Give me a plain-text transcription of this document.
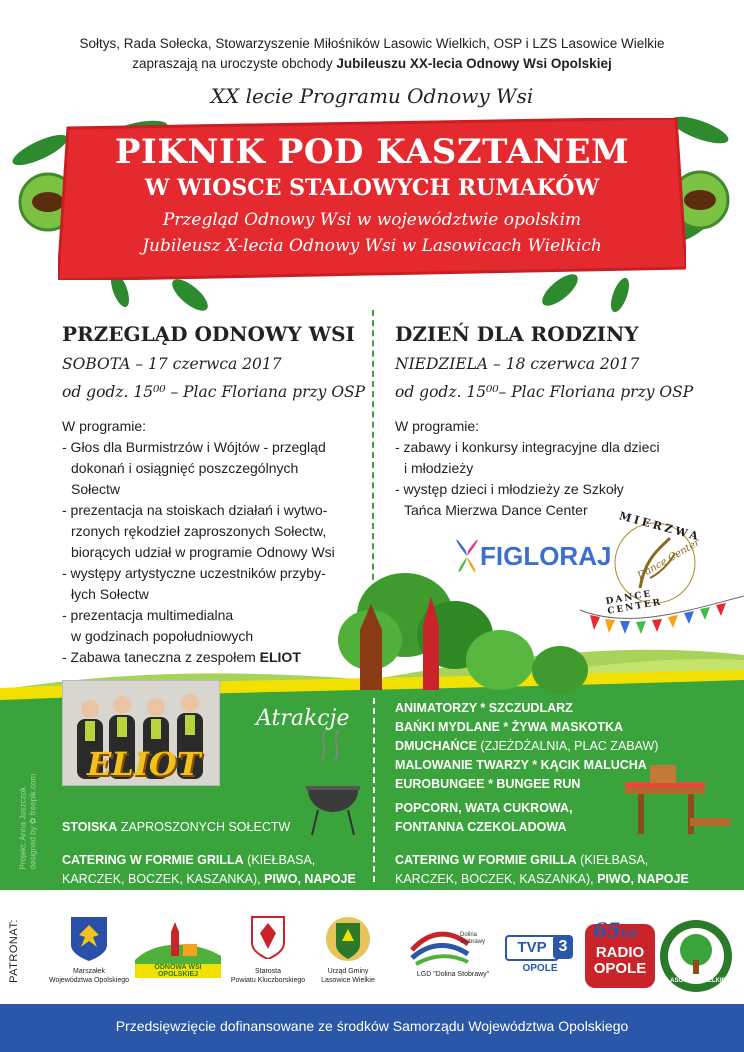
Sołtys, Rada Sołecka, Stowarzyszenie Miłośników Lasowic Wielkich, OSP i LZS Lasowice Wielkie
zapraszają na uroczyste obchody Jubileuszu XX-lecia Odnowy Wsi Opolskiej
XX lecie Programu Odnowy Wsi
PIKNIK POD KASZTANEM
W WIOSCE STALOWYCH RUMAKÓW
Przegląd Odnowy Wsi w województwie opolskim
Jubileusz X-lecia Odnowy Wsi w Lasowicach Wielkich
PRZEGLĄD ODNOWY WSI
SOBOTA – 17 czerwca 2017
od godz. 15⁰⁰ – Plac Floriana przy OSP
W programie:
- Głos dla Burmistrzów i Wójtów - przegląd
dokonań i osiągnięć poszczególnych
Sołectw
- prezentacja na stoiskach działań i wytwo-
rzonych rękodzieł zaproszonych Sołectw,
biorących udział w programie Odnowy Wsi
- występy artystyczne uczestników przyby-
łych Sołectw
- prezentacja multimedialna
w godzinach popołudniowych
- Zabawa taneczna z zespołem ELIOT
DZIEŃ DLA RODZINY
NIEDZIELA – 18 czerwca 2017
od godz. 15⁰⁰– Plac Floriana przy OSP
W programie:
- zabawy i konkursy integracyjne dla dzieci
i młodzieży
- występ dzieci i młodzieży ze Szkoły
Tańca Mierzwa Dance Center
FIGLORAJ
MIERZWA
Dance Center
DANCE CENTER
ELIOT
Atrakcje
Projekt: Anna Joszczok designed by ✿ freepik.com STOISKA ZAPROSZONYCH SOŁECTW
CATERING W FORMIE GRILLA (KIEŁBASA,
KARCZEK, BOCZEK, KASZANKA), PIWO, NAPOJE
ANIMATORZY * SZCZUDLARZ
BAŃKI MYDLANE * ŻYWA MASKOTKA
DMUCHAŃCE (ZJEŻDŻALNIA, PLAC ZABAW)
MALOWANIE TWARZY * KĄCIK MALUCHA
EUROBUNGEE * BUNGEE RUN
POPCORN, WATA CUKROWA,
FONTANNA CZEKOLADOWA
CATERING W FORMIE GRILLA (KIEŁBASA,
KARCZEK, BOCZEK, KASZANKA), PIWO, NAPOJE
PATRONAT:	Marszałek
Województwa Opolskiego
ODNOWA WSI OPOLSKIEJ	Starosta
Powiatu Kluczborskiego
Urząd Gminy
Lasowice Wielkie
Dolina
Stobrawy
LGD "Dolina Stobrawy"
TVP 3
OPOLE
65lat
RADIO
OPOLE
LASOWICE WIELKIE
Przedsięwzięcie dofinansowane ze środków Samorządu Województwa Opolskiego
